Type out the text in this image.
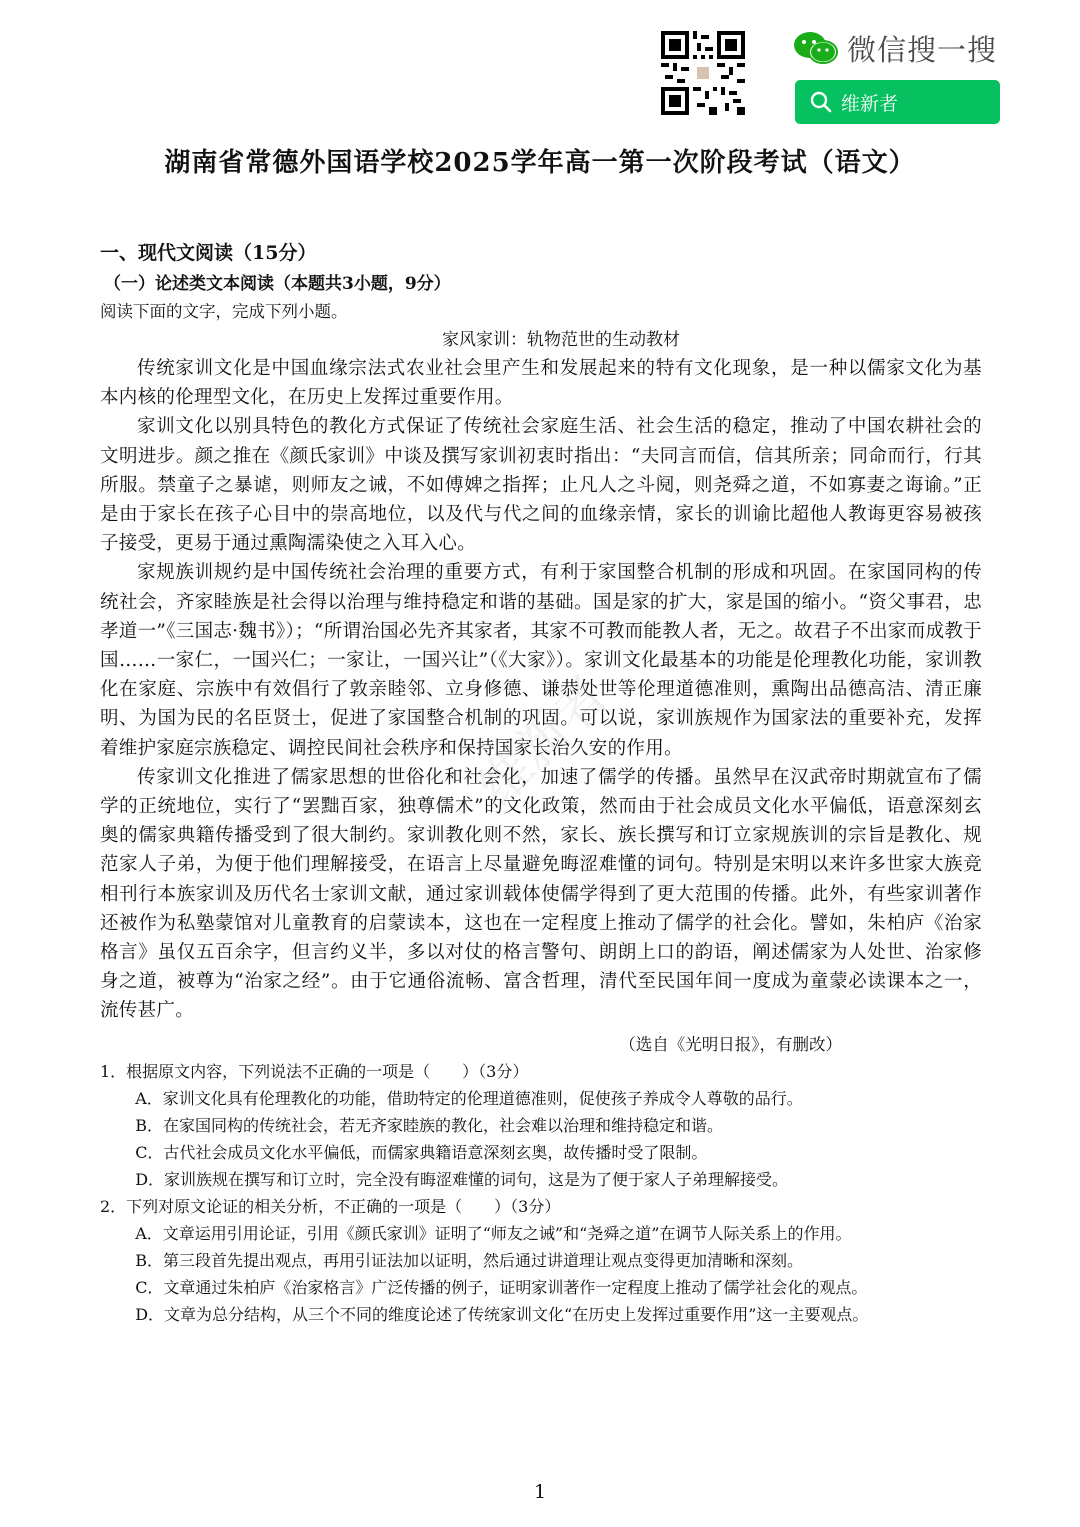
微信搜一搜
维新者
湖南省常德外国语学校2025学年高一第一次阶段考试（语文）
维新者

一、现代文阅读（15分）

（一）论述类文本阅读（本题共3小题，9分）

阅读下面的文字，完成下列小题。

家风家训：轨物范世的生动教材

传统家训文化是中国血缘宗法式农业社会里产生和发展起来的特有文化现象，是一种以儒家文化为基本内核的伦理型文化，在历史上发挥过重要作用。

家训文化以别具特色的教化方式保证了传统社会家庭生活、社会生活的稳定，推动了中国农耕社会的文明进步。颜之推在《颜氏家训》中谈及撰写家训初衷时指出：“夫同言而信，信其所亲；同命而行，行其所服。禁童子之暴谑，则师友之诫，不如傅婢之指挥；止凡人之斗阋，则尧舜之道，不如寡妻之诲谕。”正是由于家长在孩子心目中的崇高地位，以及代与代之间的血缘亲情，家长的训谕比超他人教诲更容易被孩子接受，更易于通过熏陶濡染使之入耳入心。

家规族训规约是中国传统社会治理的重要方式，有利于家国整合机制的形成和巩固。在家国同构的传统社会，齐家睦族是社会得以治理与维持稳定和谐的基础。国是家的扩大，家是国的缩小。“资父事君，忠孝道一”《三国志·魏书》）；“所谓治国必先齐其家者，其家不可教而能教人者，无之。故君子不出家而成教于国……一家仁，一国兴仁；一家让，一国兴让”（《大家》）。家训文化最基本的功能是伦理教化功能，家训教化在家庭、宗族中有效倡行了敦亲睦邻、立身修德、谦恭处世等伦理道德准则，熏陶出品德高洁、清正廉明、为国为民的名臣贤士，促进了家国整合机制的巩固。可以说，家训族规作为国家法的重要补充，发挥着维护家庭宗族稳定、调控民间社会秩序和保持国家长治久安的作用。

传家训文化推进了儒家思想的世俗化和社会化，加速了儒学的传播。虽然早在汉武帝时期就宣布了儒学的正统地位，实行了“罢黜百家，独尊儒术”的文化政策，然而由于社会成员文化水平偏低，语意深刻玄奥的儒家典籍传播受到了很大制约。家训教化则不然，家长、族长撰写和订立家规族训的宗旨是教化、规范家人子弟，为便于他们理解接受，在语言上尽量避免晦涩难懂的词句。特别是宋明以来许多世家大族竞相刊行本族家训及历代名士家训文献，通过家训载体使儒学得到了更大范围的传播。此外，有些家训著作还被作为私塾蒙馆对儿童教育的启蒙读本，这也在一定程度上推动了儒学的社会化。譬如，朱柏庐《治家格言》虽仅五百余字，但言约义半，多以对仗的格言警句、朗朗上口的韵语，阐述儒家为人处世、治家修身之道，被尊为“治家之经”。由于它通俗流畅、富含哲理，清代至民国年间一度成为童蒙必读课本之一，流传甚广。

（选自《光明日报》，有删改）

1．根据原文内容，下列说法不正确的一项是（　　）（3分）

A．家训文化具有伦理教化的功能，借助特定的伦理道德准则，促使孩子养成令人尊敬的品行。

B．在家国同构的传统社会，若无齐家睦族的教化，社会难以治理和维持稳定和谐。

C．古代社会成员文化水平偏低，而儒家典籍语意深刻玄奥，故传播时受了限制。

D．家训族规在撰写和订立时，完全没有晦涩难懂的词句，这是为了便于家人子弟理解接受。

2．下列对原文论证的相关分析，不正确的一项是（　　）（3分）

A．文章运用引用论证，引用《颜氏家训》证明了“师友之诫”和“尧舜之道”在调节人际关系上的作用。

B．第三段首先提出观点，再用引证法加以证明，然后通过讲道理让观点变得更加清晰和深刻。

C．文章通过朱柏庐《治家格言》广泛传播的例子，证明家训著作一定程度上推动了儒学社会化的观点。

D．文章为总分结构，从三个不同的维度论述了传统家训文化“在历史上发挥过重要作用”这一主要观点。

1
